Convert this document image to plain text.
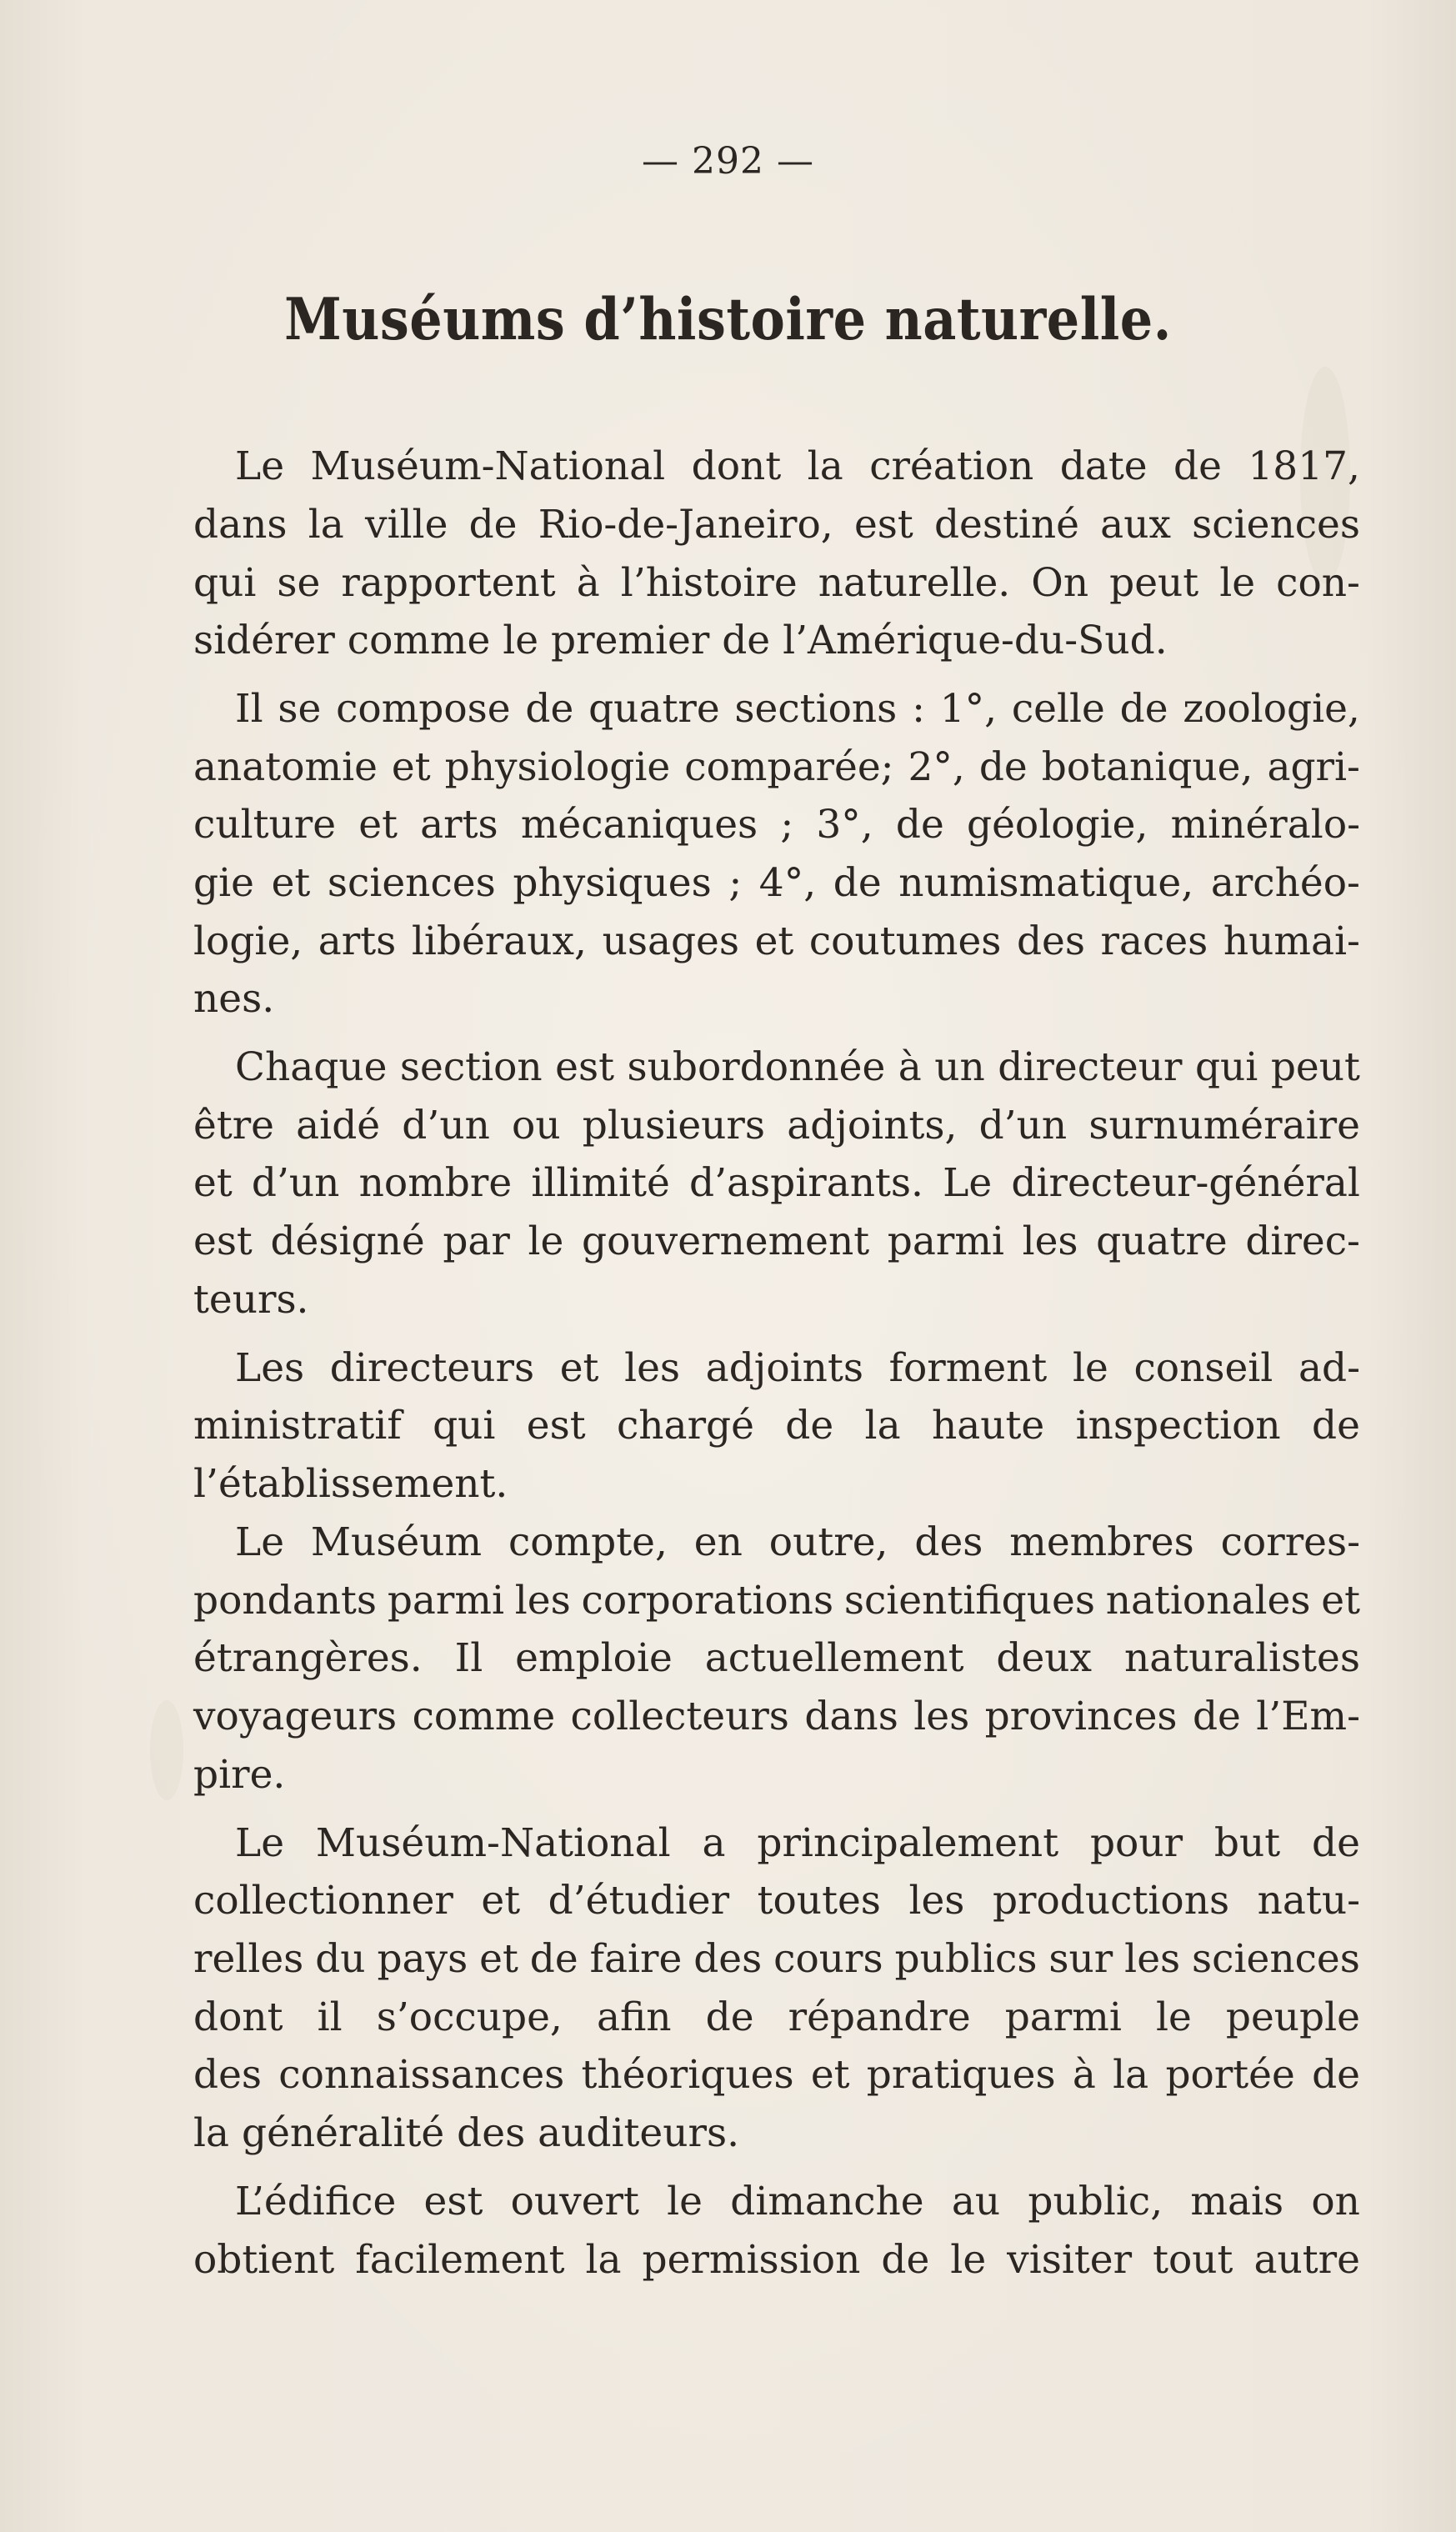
— 292 —
Muséums d’histoire naturelle.
Le Muséum-National dont la création date de 1817,
dans la ville de Rio-de-Janeiro, est destiné aux sciences
qui se rapportent à l’histoire naturelle. On peut le con-
sidérer comme le premier de l’Amérique-du-Sud.
Il se compose de quatre sections : 1°, celle de zoologie,
anatomie et physiologie comparée; 2°, de botanique, agri-
culture et arts mécaniques ; 3°, de géologie, minéralo-
gie et sciences physiques ; 4°, de numismatique, archéo-
logie, arts libéraux, usages et coutumes des races humai-
nes.
Chaque section est subordonnée à un directeur qui peut
être aidé d’un ou plusieurs adjoints, d’un surnuméraire
et d’un nombre illimité d’aspirants. Le directeur-général
est désigné par le gouvernement parmi les quatre direc-
teurs.
Les directeurs et les adjoints forment le conseil ad-
ministratif qui est chargé de la haute inspection de
l’établissement.
Le Muséum compte, en outre, des membres corres-
pondants parmi les corporations scientifiques nationales et
étrangères. Il emploie actuellement deux naturalistes
voyageurs comme collecteurs dans les provinces de l’Em-
pire.
Le Muséum-National a principalement pour but de
collectionner et d’étudier toutes les productions natu-
relles du pays et de faire des cours publics sur les sciences
dont il s’occupe, afin de répandre parmi le peuple
des connaissances théoriques et pratiques à la portée de
la généralité des auditeurs.
L’édifice est ouvert le dimanche au public, mais on
obtient facilement la permission de le visiter tout autre
